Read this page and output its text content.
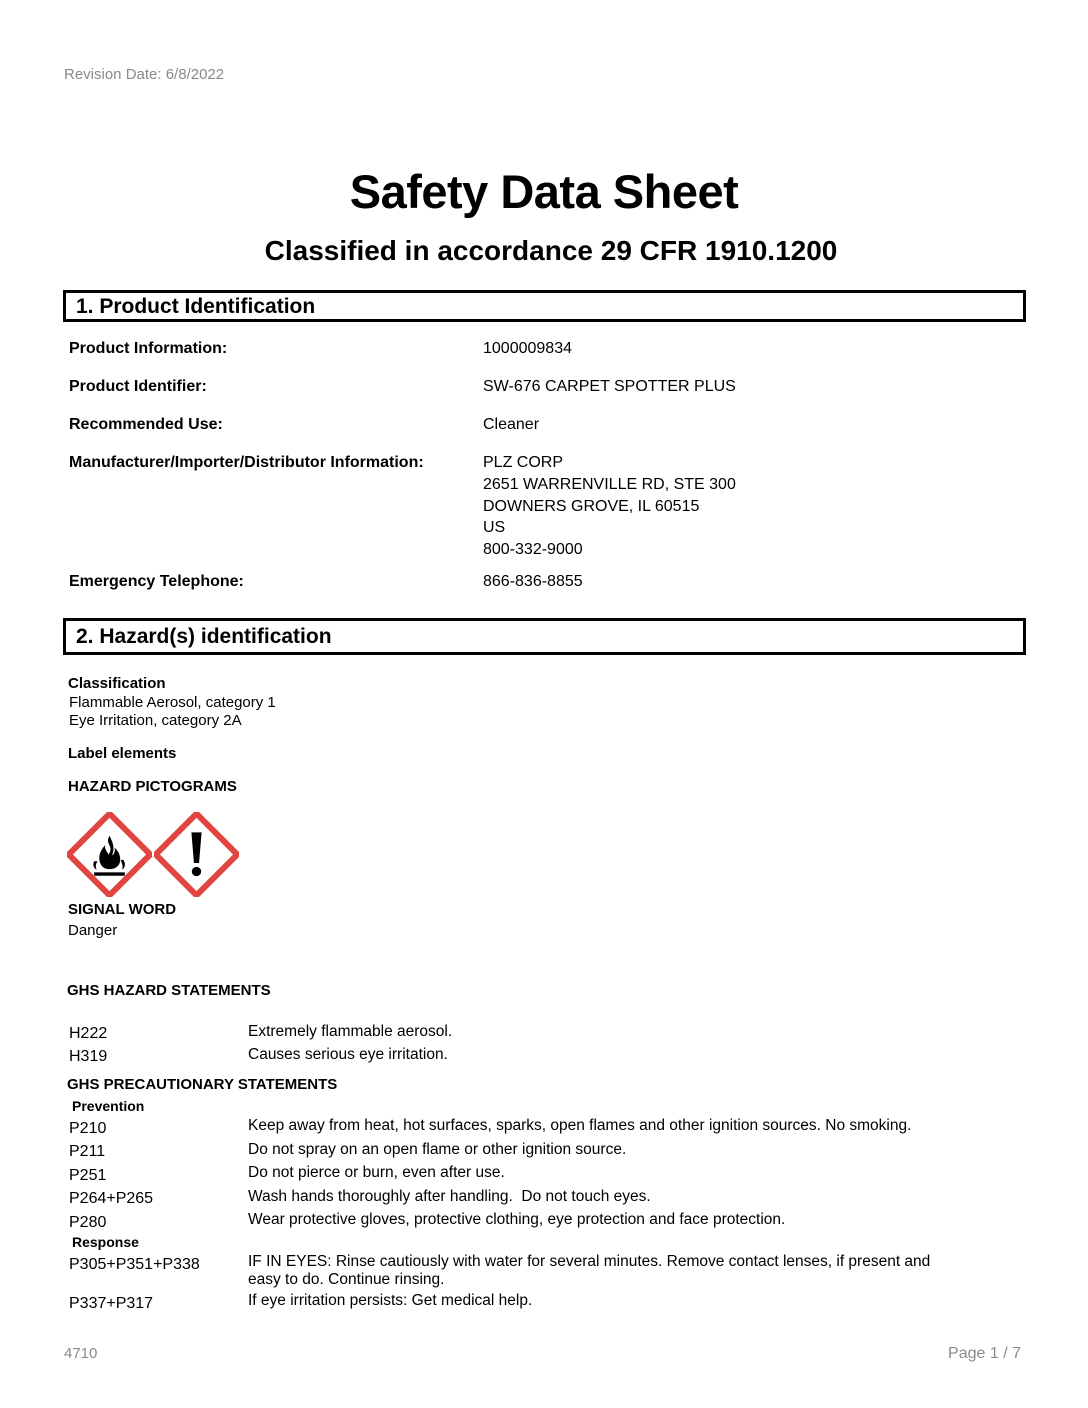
Revision Date: 6/8/2022
Safety Data Sheet
Classified in accordance 29 CFR 1910.1200
1. Product Identification
Product Information:	1000009834
Product Identifier:	SW-676 CARPET SPOTTER PLUS
Recommended Use:	Cleaner
Manufacturer/Importer/Distributor Information:	PLZ CORP
2651 WARRENVILLE RD, STE 300
DOWNERS GROVE, IL 60515
US
800-332-9000
Emergency Telephone:	866-836-8855
2. Hazard(s) identification
Classification
Flammable Aerosol, category 1
Eye Irritation, category 2A
Label elements
HAZARD PICTOGRAMS
SIGNAL WORD
Danger
GHS HAZARD STATEMENTS
H222	Extremely flammable aerosol.
H319	Causes serious eye irritation.
GHS PRECAUTIONARY STATEMENTS
Prevention
P210	Keep away from heat, hot surfaces, sparks, open flames and other ignition sources. No smoking.
P211	Do not spray on an open flame or other ignition source.
P251	Do not pierce or burn, even after use.
P264+P265	Wash hands thoroughly after handling.  Do not touch eyes.
P280	Wear protective gloves, protective clothing, eye protection and face protection.
Response
P305+P351+P338	IF IN EYES: Rinse cautiously with water for several minutes. Remove contact lenses, if present and
easy to do. Continue rinsing.
P337+P317	If eye irritation persists: Get medical help.
4710	Page 1 / 7
